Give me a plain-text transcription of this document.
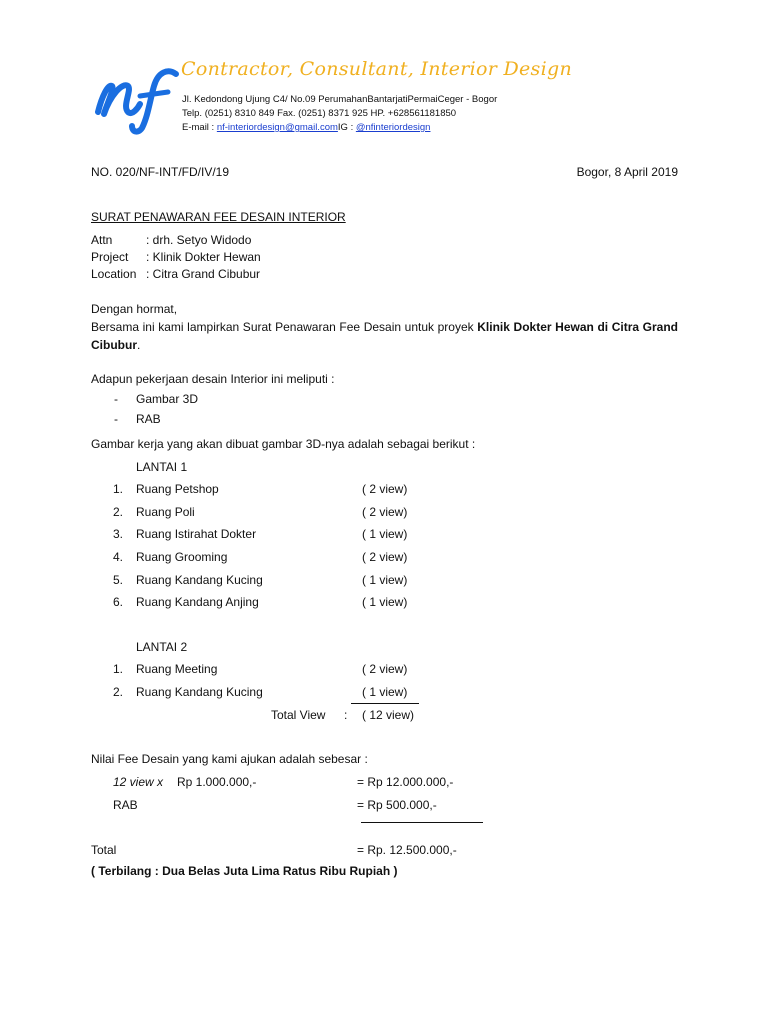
Contractor, Consultant, Interior Design
Jl. Kedondong Ujung C4/ No.09 PerumahanBantarjatiPermaiCeger - Bogor
Telp. (0251) 8310 849 Fax. (0251) 8371 925 HP. +628561181850
E-mail : nf-interiordesign@gmail.comIG : @nfinteriordesign
NO. 020/NF-INT/FD/IV/19	Bogor, 8 April 2019
SURAT PENAWARAN FEE DESAIN INTERIOR
Attn	: drh. Setyo Widodo
Project : Klinik Dokter Hewan
Location : Citra Grand Cibubur
Dengan hormat,
Bersama ini kami lampirkan Surat Penawaran Fee Desain untuk proyek Klinik Dokter Hewan di Citra Grand Cibubur.
Adapun pekerjaan desain Interior ini meliputi :
- Gambar 3D
- RAB
Gambar kerja yang akan dibuat gambar 3D-nya adalah sebagai berikut :
LANTAI 1
1. Ruang Petshop	( 2 view)
2. Ruang Poli	( 2 view)
3. Ruang Istirahat Dokter	( 1 view)
4. Ruang Grooming	( 2 view)
5. Ruang Kandang Kucing	( 1 view)
6. Ruang Kandang Anjing	( 1 view)
LANTAI 2
1. Ruang Meeting	( 2 view)
2. Ruang Kandang Kucing	( 1 view)
Total View : ( 12 view)
Nilai Fee Desain yang kami ajukan adalah sebesar :
12 view x Rp 1.000.000,-	= Rp 12.000.000,-
RAB	= Rp 500.000,-
Total	= Rp. 12.500.000,-
( Terbilang : Dua Belas Juta Lima Ratus Ribu Rupiah )
